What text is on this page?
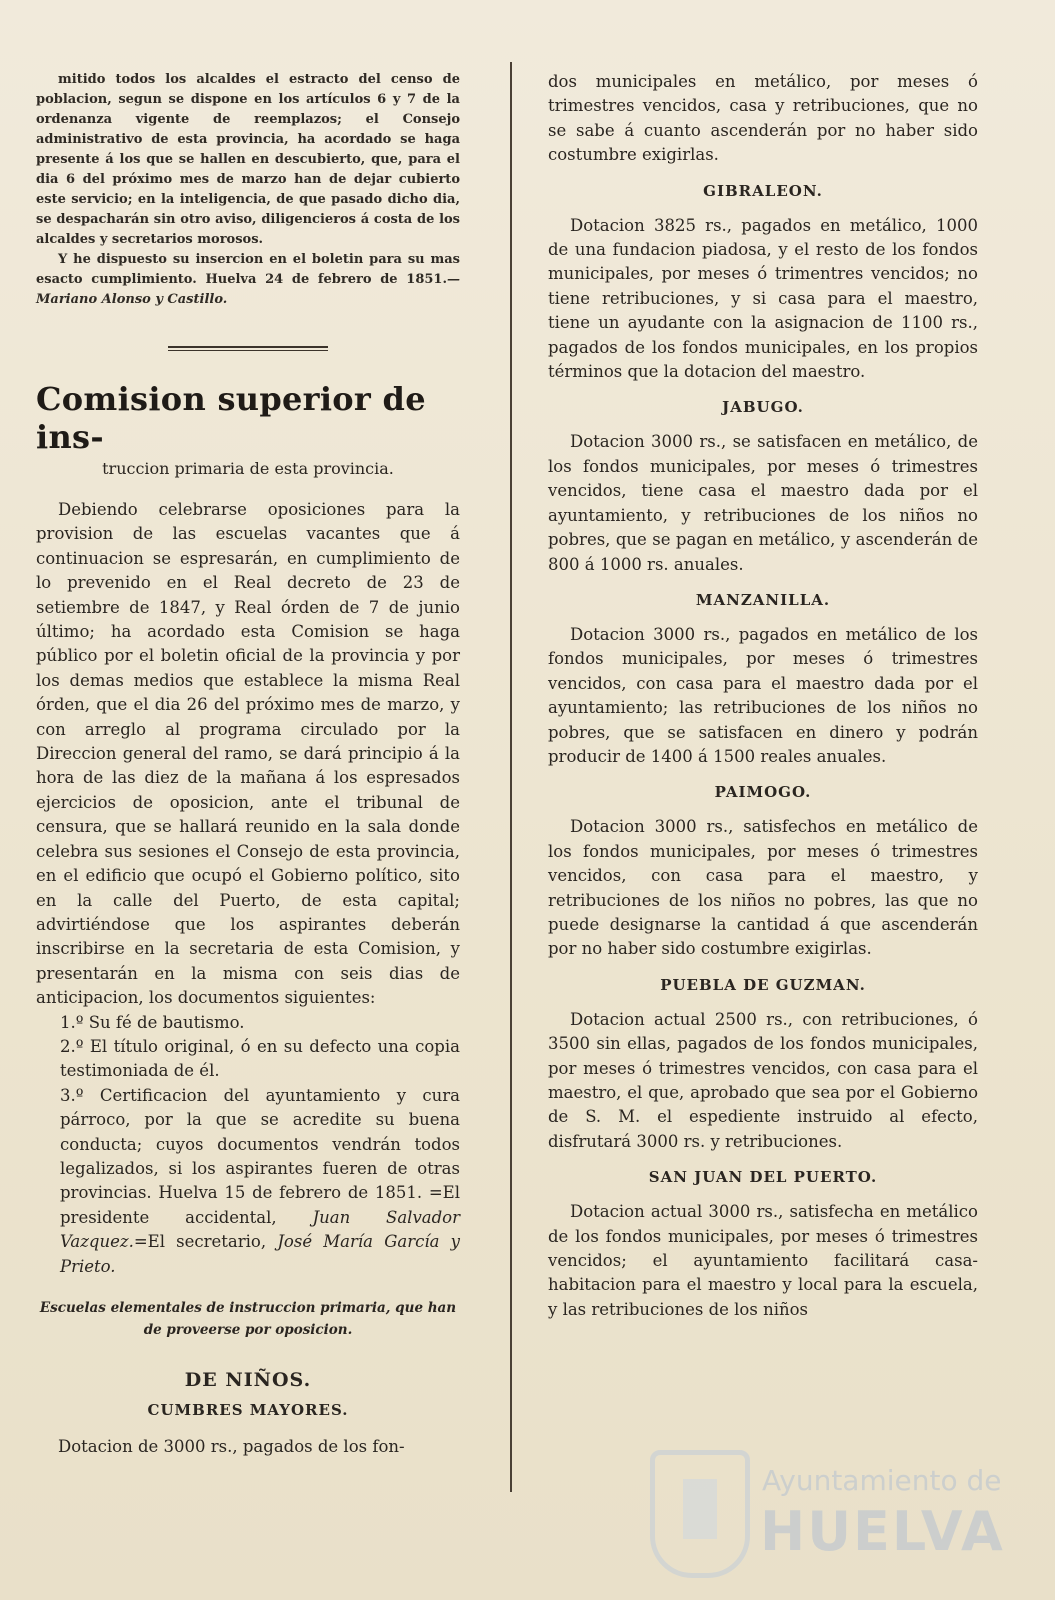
mitido todos los alcaldes el estracto del censo de poblacion, segun se dispone en los artículos 6 y 7 de la ordenanza vigente de reemplazos; el Consejo administrativo de esta provincia, ha acordado se haga presente á los que se hallen en descubierto, que, para el dia 6 del próximo mes de marzo han de dejar cubierto este servicio; en la inteligencia, de que pasado dicho dia, se despacharán sin otro aviso, diligencieros á costa de los alcaldes y secretarios morosos.

Y he dispuesto su insercion en el boletin para su mas esacto cumplimiento. Huelva 24 de febrero de 1851.—Mariano Alonso y Castillo.

Comision superior de ins-

truccion primaria de esta provincia.

Debiendo celebrarse oposiciones para la provision de las escuelas vacantes que á continuacion se espresarán, en cumplimiento de lo prevenido en el Real decreto de 23 de setiembre de 1847, y Real órden de 7 de junio último; ha acordado esta Comision se haga público por el boletin oficial de la provincia y por los demas medios que establece la misma Real órden, que el dia 26 del próximo mes de marzo, y con arreglo al programa circulado por la Direccion general del ramo, se dará principio á la hora de las diez de la mañana á los espresados ejercicios de oposicion, ante el tribunal de censura, que se hallará reunido en la sala donde celebra sus sesiones el Consejo de esta provincia, en el edificio que ocupó el Gobierno político, sito en la calle del Puerto, de esta capital; advirtiéndose que los aspirantes deberán inscribirse en la secretaria de esta Comision, y presentarán en la misma con seis dias de anticipacion, los documentos siguientes:

1.º Su fé de bautismo.

2.º El título original, ó en su defecto una copia testimoniada de él.

3.º Certificacion del ayuntamiento y cura párroco, por la que se acredite su buena conducta; cuyos documentos vendrán todos legalizados, si los aspirantes fueren de otras provincias. Huelva 15 de febrero de 1851. =El presidente accidental, Juan Salvador Vazquez.=El secretario, José María García y Prieto.

Escuelas elementales de instruccion primaria, que han de proveerse por oposicion.

DE NIÑOS.

CUMBRES MAYORES.

Dotacion de 3000 rs., pagados de los fon-

dos municipales en metálico, por meses ó trimestres vencidos, casa y retribuciones, que no se sabe á cuanto ascenderán por no haber sido costumbre exigirlas.

GIBRALEON.

Dotacion 3825 rs., pagados en metálico, 1000 de una fundacion piadosa, y el resto de los fondos municipales, por meses ó trimentres vencidos; no tiene retribuciones, y si casa para el maestro, tiene un ayudante con la asignacion de 1100 rs., pagados de los fondos municipales, en los propios términos que la dotacion del maestro.

JABUGO.

Dotacion 3000 rs., se satisfacen en metálico, de los fondos municipales, por meses ó trimestres vencidos, tiene casa el maestro dada por el ayuntamiento, y retribuciones de los niños no pobres, que se pagan en metálico, y ascenderán de 800 á 1000 rs. anuales.

MANZANILLA.

Dotacion 3000 rs., pagados en metálico de los fondos municipales, por meses ó trimestres vencidos, con casa para el maestro dada por el ayuntamiento; las retribuciones de los niños no pobres, que se satisfacen en dinero y podrán producir de 1400 á 1500 reales anuales.

PAIMOGO.

Dotacion 3000 rs., satisfechos en metálico de los fondos municipales, por meses ó trimestres vencidos, con casa para el maestro, y retribuciones de los niños no pobres, las que no puede designarse la cantidad á que ascenderán por no haber sido costumbre exigirlas.

PUEBLA DE GUZMAN.

Dotacion actual 2500 rs., con retribuciones, ó 3500 sin ellas, pagados de los fondos municipales, por meses ó trimestres vencidos, con casa para el maestro, el que, aprobado que sea por el Gobierno de S. M. el espediente instruido al efecto, disfrutará 3000 rs. y retribuciones.

SAN JUAN DEL PUERTO.

Dotacion actual 3000 rs., satisfecha en metálico de los fondos municipales, por meses ó trimestres vencidos; el ayuntamiento facilitará casa-habitacion para el maestro y local para la escuela, y las retribuciones de los niños

Ayuntamiento de
HUELVA
